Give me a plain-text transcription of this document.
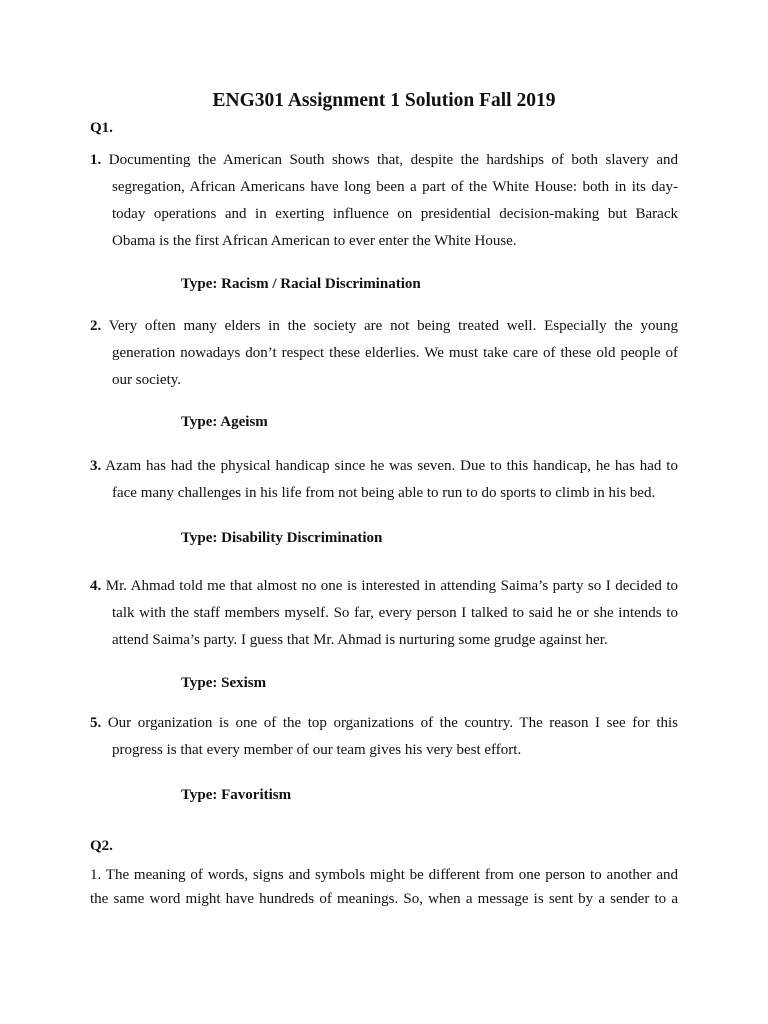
ENG301 Assignment 1 Solution Fall 2019
Q1.
1. Documenting the American South shows that, despite the hardships of both slavery and
segregation, African Americans have long been a part of the White House: both in its day-
today operations and in exerting influence on presidential decision-making but Barack
Obama is the first African American to ever enter the White House.
Type: Racism / Racial Discrimination
2. Very often many elders in the society are not being treated well. Especially the young
generation nowadays don’t respect these elderlies. We must take care of these old people of
our society.
Type: Ageism
3. Azam has had the physical handicap since he was seven. Due to this handicap, he has had to
face many challenges in his life from not being able to run to do sports to climb in his bed.
Type: Disability Discrimination
4. Mr. Ahmad told me that almost no one is interested in attending Saima’s party so I decided to
talk with the staff members myself. So far, every person I talked to said he or she intends to
attend Saima’s party. I guess that Mr. Ahmad is nurturing some grudge against her.
Type: Sexism
5. Our organization is one of the top organizations of the country. The reason I see for this
progress is that every member of our team gives his very best effort.
Type: Favoritism
Q2.
1. The meaning of words, signs and symbols might be different from one person to another and
the same word might have hundreds of meanings. So, when a message is sent by a sender to a
